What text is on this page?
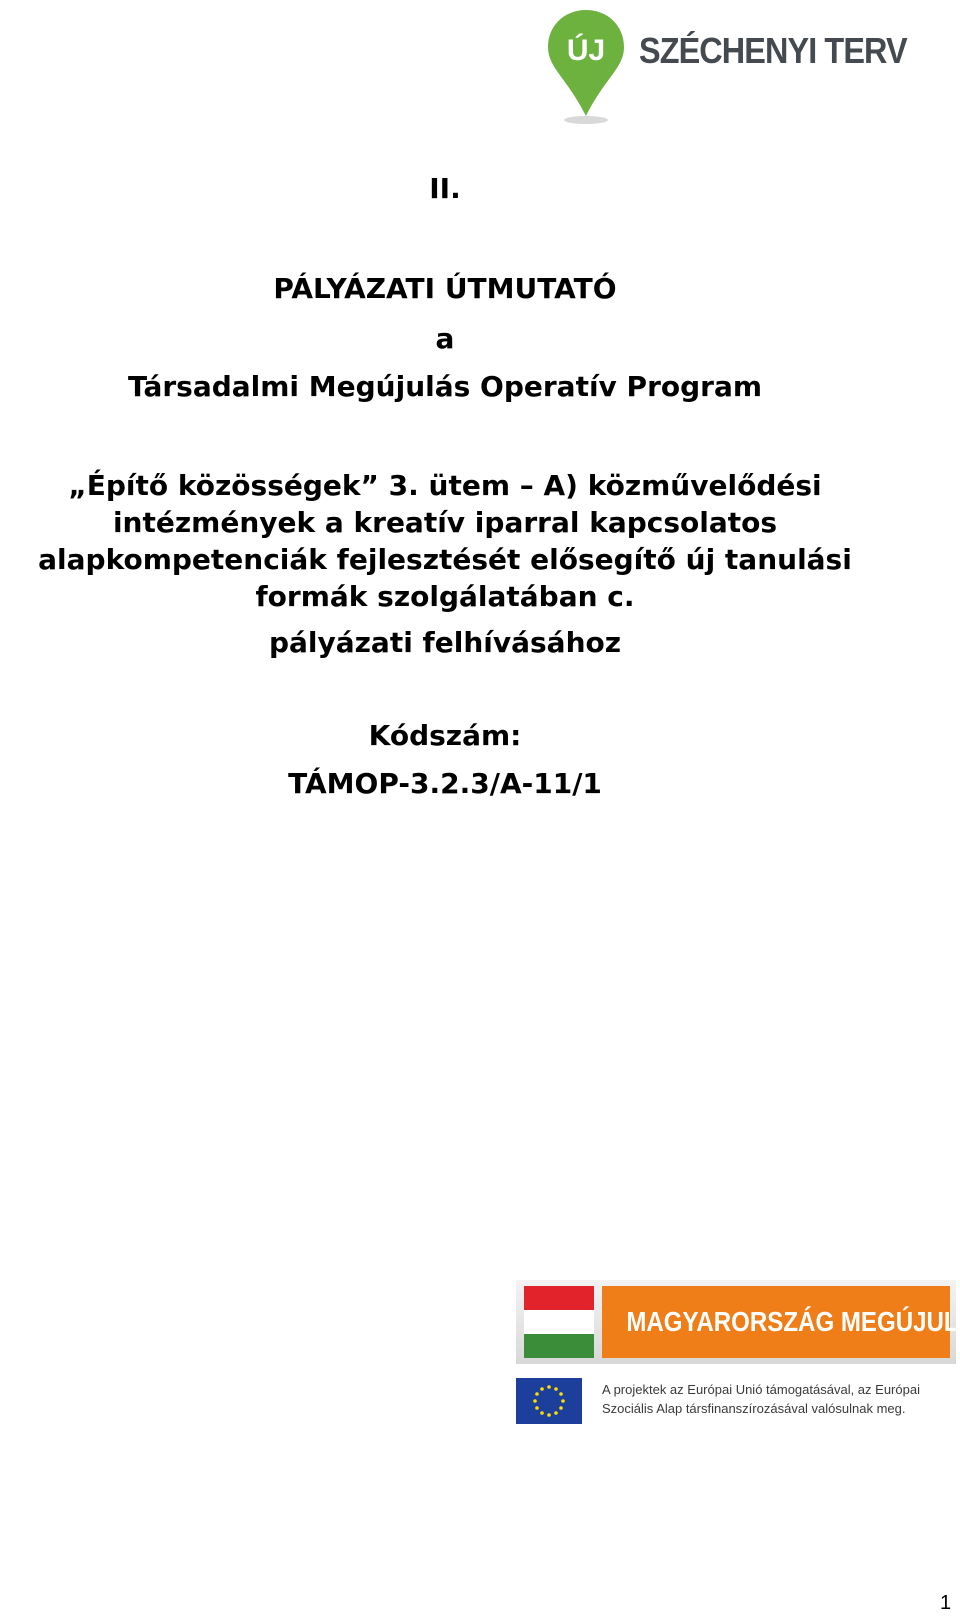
ÚJ SZÉCHENYI TERV
II.
PÁLYÁZATI ÚTMUTATÓ
a
Társadalmi Megújulás Operatív Program
„Építő közösségek” 3. ütem – A) közművelődési
intézmények a kreatív iparral kapcsolatos
alapkompetenciák fejlesztését elősegítő új tanulási
formák szolgálatában c.
pályázati felhívásához
Kódszám:
TÁMOP-3.2.3/A-11/1
MAGYARORSZÁG MEGÚJUL
A projektek az Európai Unió támogatásával, az Európai
Szociális Alap társfinanszírozásával valósulnak meg.
1
